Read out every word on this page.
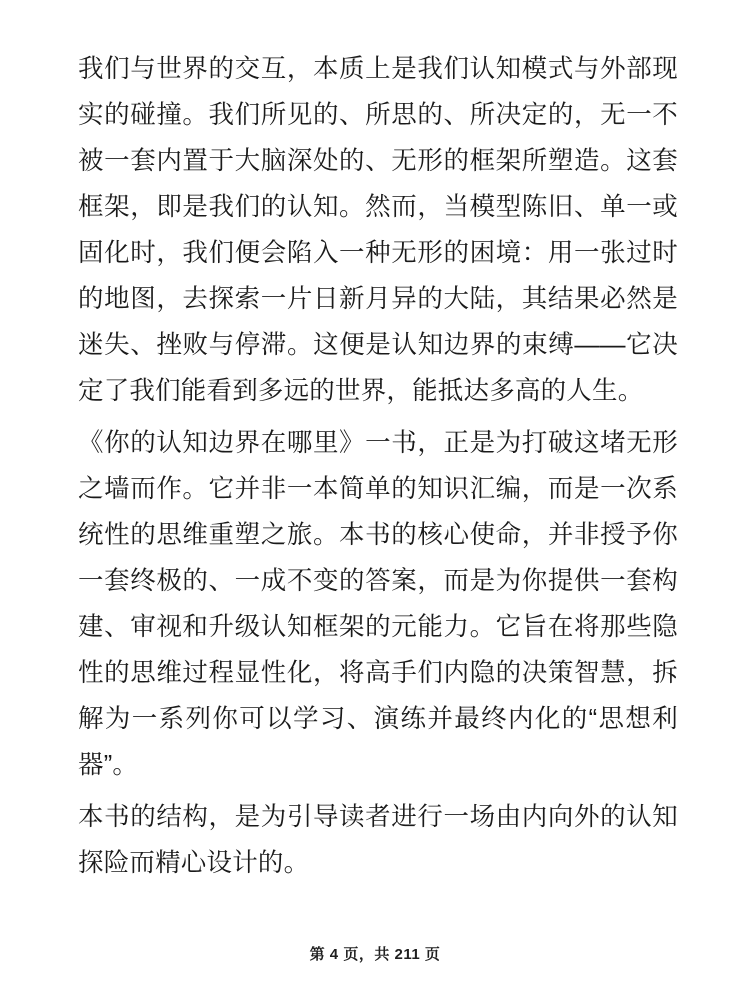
我们与世界的交互，本质上是我们认知模式与外部现实的碰撞。我们所见的、所思的、所决定的，无一不被一套内置于大脑深处的、无形的框架所塑造。这套框架，即是我们的认知。然而，当模型陈旧、单一或固化时，我们便会陷入一种无形的困境：用一张过时的地图，去探索一片日新月异的大陆，其结果必然是迷失、挫败与停滞。这便是认知边界的束缚——它决定了我们能看到多远的世界，能抵达多高的人生。

《你的认知边界在哪里》一书，正是为打破这堵无形之墙而作。它并非一本简单的知识汇编，而是一次系统性的思维重塑之旅。本书的核心使命，并非授予你一套终极的、一成不变的答案，而是为你提供一套构建、审视和升级认知框架的元能力。它旨在将那些隐性的思维过程显性化，将高手们内隐的决策智慧，拆解为一系列你可以学习、演练并最终内化的“思想利器”。

本书的结构，是为引导读者进行一场由内向外的认知探险而精心设计的。

第 4 页，共 211 页
